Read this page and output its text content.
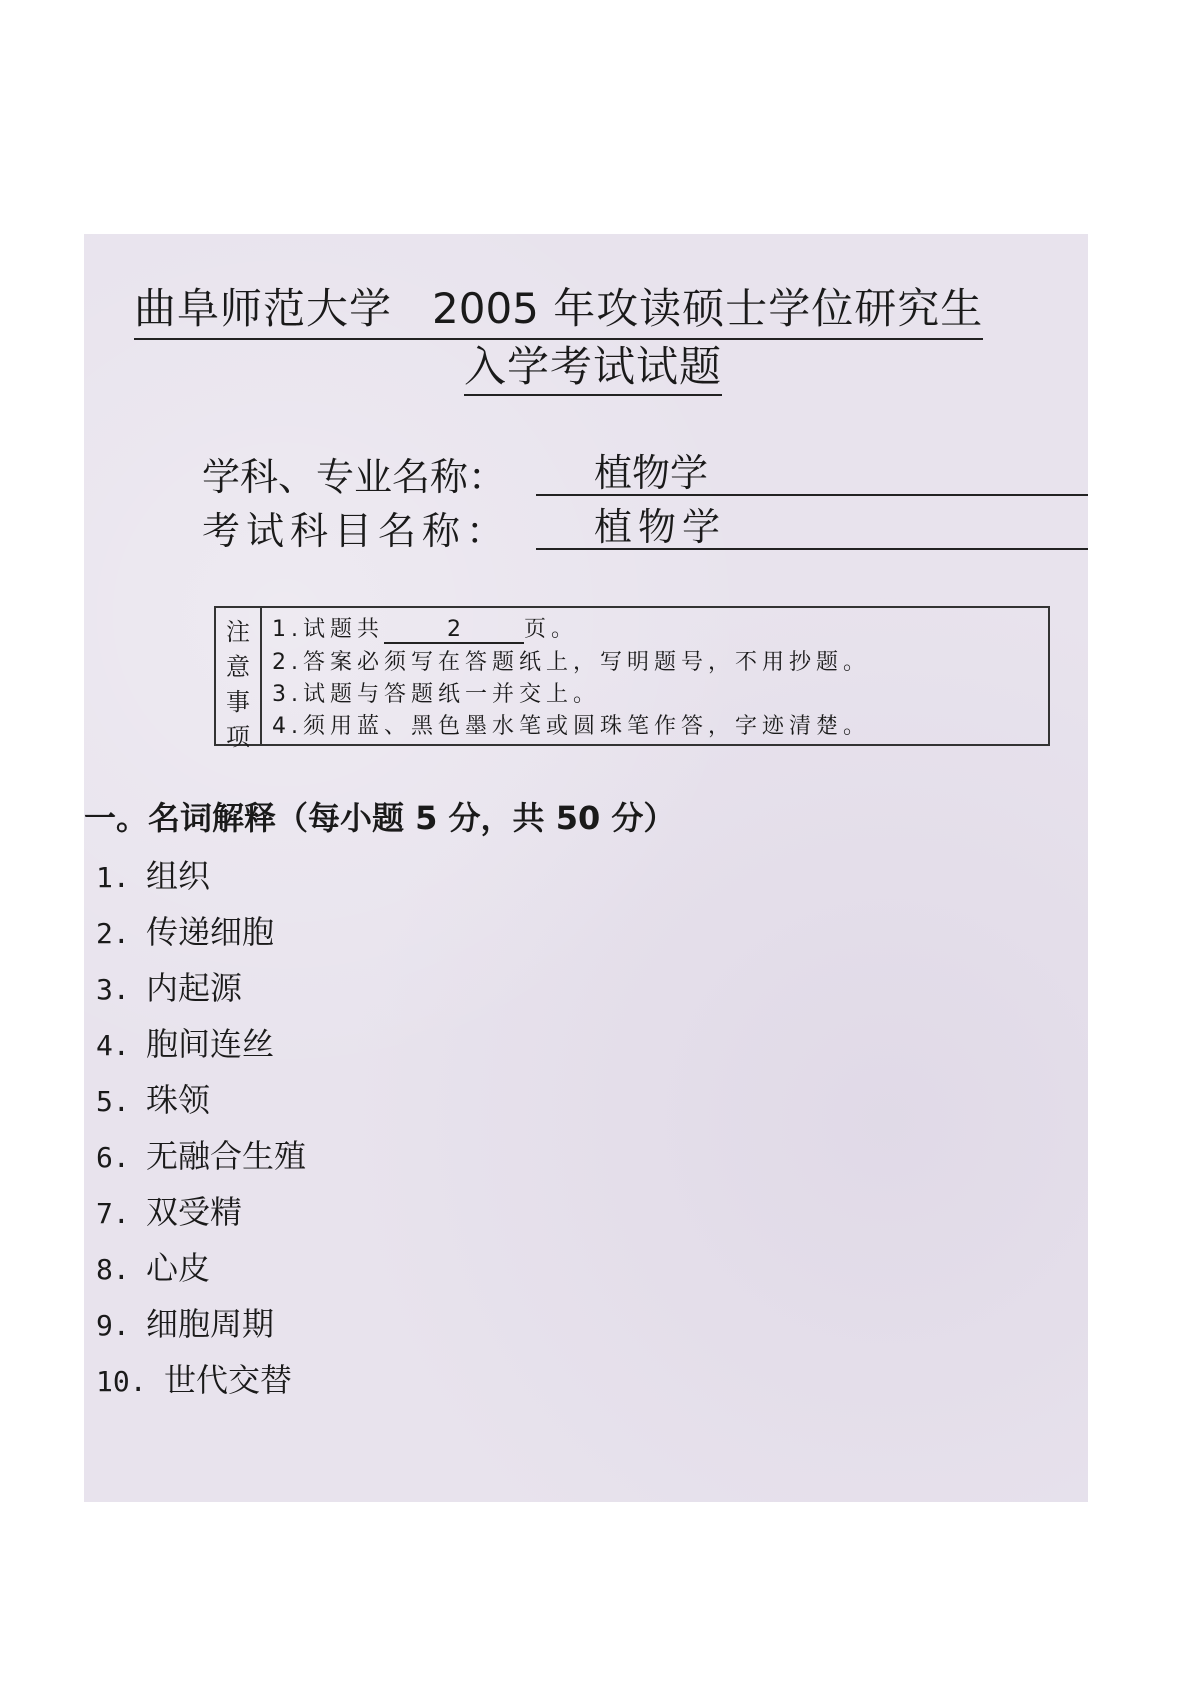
曲阜师范大学 2005 年攻读硕士学位研究生
入学考试试题
学科、专业名称： 植物学
考试科目名称： 植物学
注
意
事
项
1.试题共	2	页。
2.答案必须写在答题纸上，写明题号，不用抄题。
3.试题与答题纸一并交上。
4.须用蓝、黑色墨水笔或圆珠笔作答，字迹清楚。
一。名词解释（每小题 5 分，共 50 分）
1. 组织
2. 传递细胞
3. 内起源
4. 胞间连丝
5. 珠领
6. 无融合生殖
7. 双受精
8. 心皮
9. 细胞周期
10. 世代交替
